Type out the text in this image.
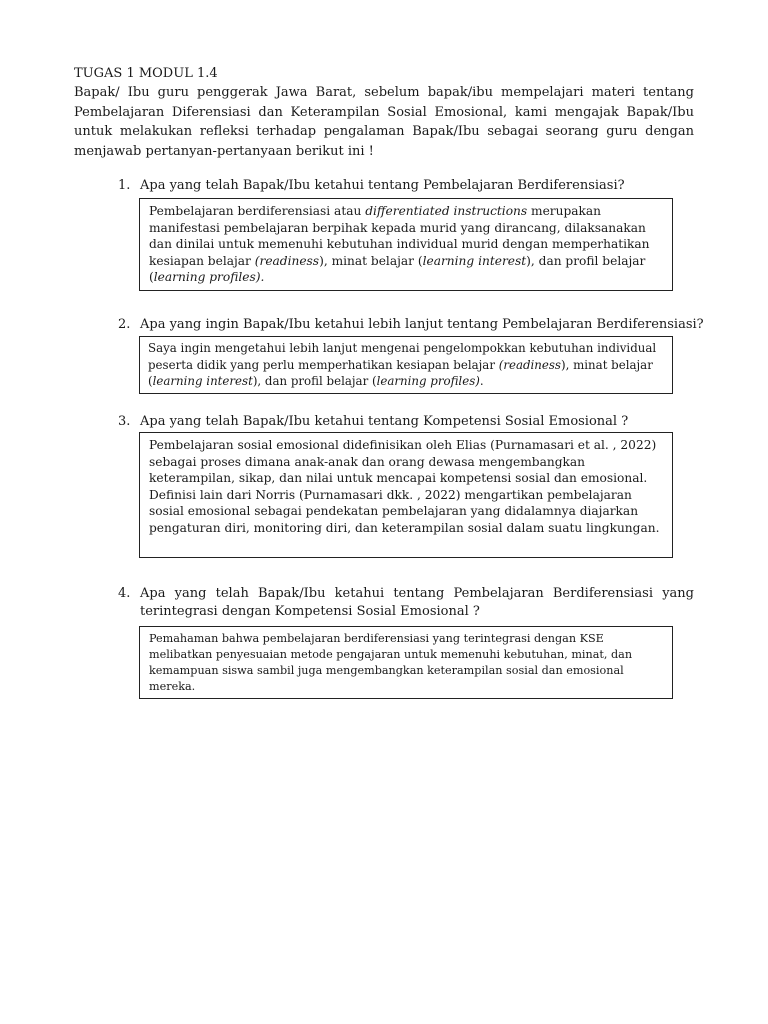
TUGAS 1 MODUL 1.4

Bapak/ Ibu guru penggerak Jawa Barat, sebelum bapak/ibu mempelajari materi tentang Pembelajaran Diferensiasi dan Keterampilan Sosial Emosional, kami mengajak Bapak/Ibu untuk melakukan refleksi terhadap pengalaman Bapak/Ibu sebagai seorang guru dengan menjawab pertanyan-pertanyaan berikut ini !

1. Apa yang telah Bapak/Ibu ketahui tentang Pembelajaran Berdiferensiasi?
Pembelajaran berdiferensiasi atau differentiated instructions merupakan manifestasi pembelajaran berpihak kepada murid yang dirancang, dilaksanakan dan dinilai untuk memenuhi kebutuhan individual murid dengan memperhatikan kesiapan belajar (readiness), minat belajar (learning interest), dan profil belajar (learning profiles).
2. Apa yang ingin Bapak/Ibu ketahui lebih lanjut tentang Pembelajaran Berdiferensiasi?
Saya ingin mengetahui lebih lanjut mengenai pengelompokkan kebutuhan individual peserta didik yang perlu memperhatikan kesiapan belajar (readiness), minat belajar (learning interest), dan profil belajar (learning profiles).
3. Apa yang telah Bapak/Ibu ketahui tentang Kompetensi Sosial Emosional ?
Pembelajaran sosial emosional didefinisikan oleh Elias (Purnamasari et al. , 2022) sebagai proses dimana anak-anak dan orang dewasa mengembangkan keterampilan, sikap, dan nilai untuk mencapai kompetensi sosial dan emosional. Definisi lain dari Norris (Purnamasari dkk. , 2022) mengartikan pembelajaran sosial emosional sebagai pendekatan pembelajaran yang didalamnya diajarkan pengaturan diri, monitoring diri, dan keterampilan sosial dalam suatu lingkungan.
4. Apa yang telah Bapak/Ibu ketahui tentang Pembelajaran Berdiferensiasi yang terintegrasi dengan Kompetensi Sosial Emosional ?
Pemahaman bahwa pembelajaran berdiferensiasi yang terintegrasi dengan KSE melibatkan penyesuaian metode pengajaran untuk memenuhi kebutuhan, minat, dan kemampuan siswa sambil juga mengembangkan keterampilan sosial dan emosional mereka.
